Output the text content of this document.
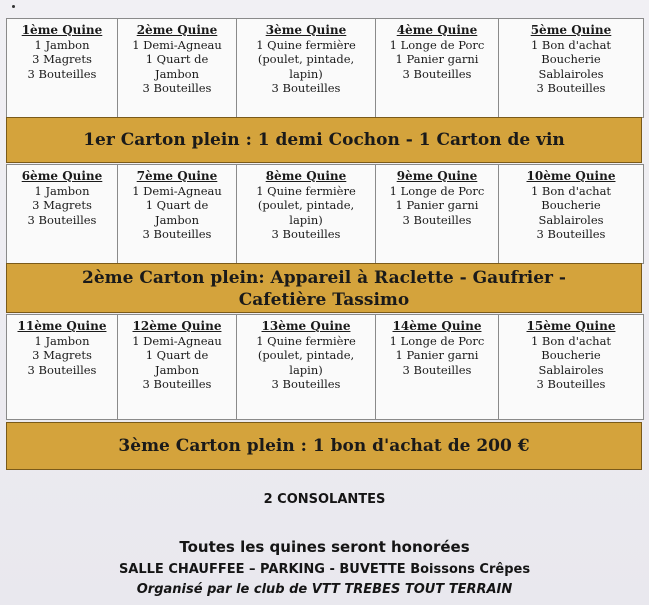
1ème Quine
1 Jambon
3 Magrets
3 Bouteilles
2ème Quine
1 Demi-Agneau
1 Quart de
Jambon
3 Bouteilles
3ème Quine
1 Quine fermière
(poulet, pintade,
lapin)
3 Bouteilles
4ème Quine
1 Longe de Porc
1 Panier garni
3 Bouteilles
5ème Quine
1 Bon d'achat
Boucherie
Sablairoles
3 Bouteilles
1er Carton plein : 1 demi Cochon - 1 Carton de vin
6ème Quine
1 Jambon
3 Magrets
3 Bouteilles
7ème Quine
1 Demi-Agneau
1 Quart de
Jambon
3 Bouteilles
8ème Quine
1 Quine fermière
(poulet, pintade,
lapin)
3 Bouteilles
9ème Quine
1 Longe de Porc
1 Panier garni
3 Bouteilles
10ème Quine
1 Bon d'achat
Boucherie
Sablairoles
3 Bouteilles
2ème Carton plein: Appareil à Raclette - Gaufrier -
Cafetière Tassimo
11ème Quine
1 Jambon
3 Magrets
3 Bouteilles
12ème Quine
1 Demi-Agneau
1 Quart de
Jambon
3 Bouteilles
13ème Quine
1 Quine fermière
(poulet, pintade,
lapin)
3 Bouteilles
14ème Quine
1 Longe de Porc
1 Panier garni
3 Bouteilles
15ème Quine
1 Bon d'achat
Boucherie
Sablairoles
3 Bouteilles
3ème Carton plein : 1 bon d'achat de 200 €
2 CONSOLANTES
Toutes les quines seront honorées
SALLE CHAUFFEE – PARKING - BUVETTE Boissons Crêpes
Organisé par le club de VTT TREBES TOUT TERRAIN
